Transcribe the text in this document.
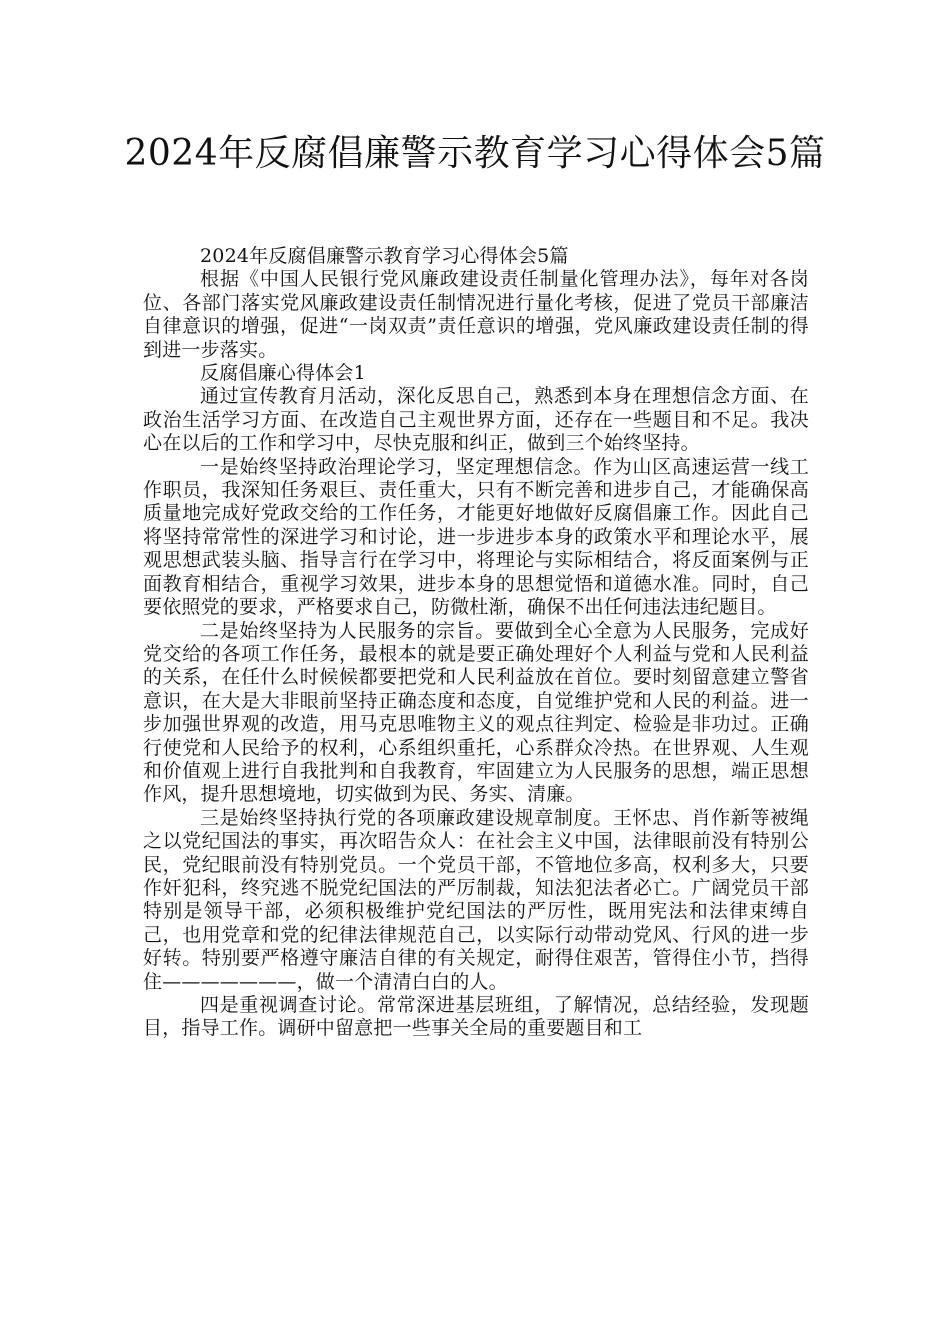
2024年反腐倡廉警示教育学习心得体会5篇

2024年反腐倡廉警示教育学习心得体会5篇

根据《中国人民银行党风廉政建设责任制量化管理办法》，每年对各岗位、各部门落实党风廉政建设责任制情况进行量化考核，促进了党员干部廉洁自律意识的增强，促进“一岗双责”责任意识的增强，党风廉政建设责任制的得到进一步落实。

反腐倡廉心得体会1

通过宣传教育月活动，深化反思自己，熟悉到本身在理想信念方面、在政治生活学习方面、在改造自己主观世界方面，还存在一些题目和不足。我决心在以后的工作和学习中，尽快克服和纠正，做到三个始终坚持。

一是始终坚持政治理论学习，坚定理想信念。作为山区高速运营一线工作职员，我深知任务艰巨、责任重大，只有不断完善和进步自己，才能确保高质量地完成好党政交给的工作任务，才能更好地做好反腐倡廉工作。因此自己将坚持常常性的深进学习和讨论，进一步进步本身的政策水平和理论水平，展观思想武装头脑、指导言行在学习中，将理论与实际相结合，将反面案例与正面教育相结合，重视学习效果，进步本身的思想觉悟和道德水准。同时，自己要依照党的要求，严格要求自己，防微杜渐，确保不出任何违法违纪题目。

二是始终坚持为人民服务的宗旨。要做到全心全意为人民服务，完成好党交给的各项工作任务，最根本的就是要正确处理好个人利益与党和人民利益的关系，在任什么时候候都要把党和人民利益放在首位。要时刻留意建立警省意识，在大是大非眼前坚持正确态度和态度，自觉维护党和人民的利益。进一步加强世界观的改造，用马克思唯物主义的观点往判定、检验是非功过。正确行使党和人民给予的权利，心系组织重托，心系群众冷热。在世界观、人生观和价值观上进行自我批判和自我教育，牢固建立为人民服务的思想，端正思想作风，提升思想境地，切实做到为民、务实、清廉。

三是始终坚持执行党的各项廉政建设规章制度。王怀忠、肖作新等被绳之以党纪国法的事实，再次昭告众人：在社会主义中国，法律眼前没有特别公民，党纪眼前没有特别党员。一个党员干部，不管地位多高，权利多大，只要作奸犯科，终究逃不脱党纪国法的严厉制裁，知法犯法者必亡。广阔党员干部特别是领导干部，必须积极维护党纪国法的严厉性，既用宪法和法律束缚自己，也用党章和党的纪律法律规范自己，以实际行动带动党风、行风的进一步好转。特别要严格遵守廉洁自律的有关规定，耐得住艰苦，管得住小节，挡得住———————，做一个清清白白的人。

四是重视调查讨论。常常深进基层班组，了解情况，总结经验，发现题目，指导工作。调研中留意把一些事关全局的重要题目和工
